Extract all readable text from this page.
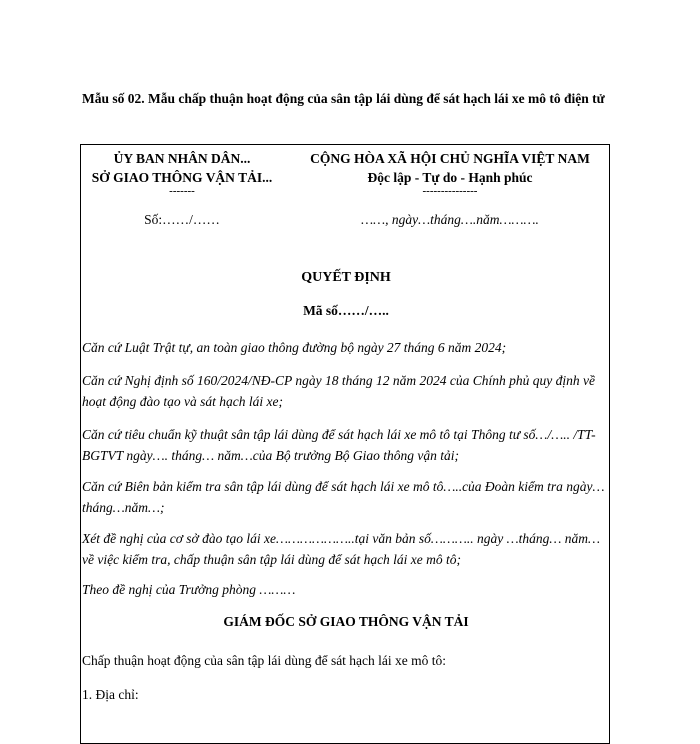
Mẫu số 02. Mẫu chấp thuận hoạt động của sân tập lái dùng để sát hạch lái xe mô tô điện tử
ỦY BAN NHÂN DÂN...
SỞ GIAO THÔNG VẬN TẢI...
-------
CỘNG HÒA XÃ HỘI CHỦ NGHĨA VIỆT NAM
Độc lập - Tự do - Hạnh phúc
---------------
Số:……/……	……, ngày…tháng….năm……….
QUYẾT ĐỊNH
Mã số……/…..
Căn cứ Luật Trật tự, an toàn giao thông đường bộ ngày 27 tháng 6 năm 2024;
Căn cứ Nghị định số 160/2024/NĐ-CP ngày 18 tháng 12 năm 2024 của Chính phủ quy định về hoạt động đào tạo và sát hạch lái xe;
Căn cứ tiêu chuẩn kỹ thuật sân tập lái dùng để sát hạch lái xe mô tô tại Thông tư số…/….. /TT-BGTVT ngày…. tháng… năm…của Bộ trưởng Bộ Giao thông vận tải;
Căn cứ Biên bản kiểm tra sân tập lái dùng để sát hạch lái xe mô tô…..của Đoàn kiểm tra ngày… tháng…năm…;
Xét đề nghị của cơ sở đào tạo lái xe………………..tại văn bản số……….. ngày …tháng… năm…về việc kiểm tra, chấp thuận sân tập lái dùng để sát hạch lái xe mô tô;
Theo đề nghị của Trưởng phòng ………
GIÁM ĐỐC SỞ GIAO THÔNG VẬN TẢI
Chấp thuận hoạt động của sân tập lái dùng để sát hạch lái xe mô tô:
1. Địa chỉ:
